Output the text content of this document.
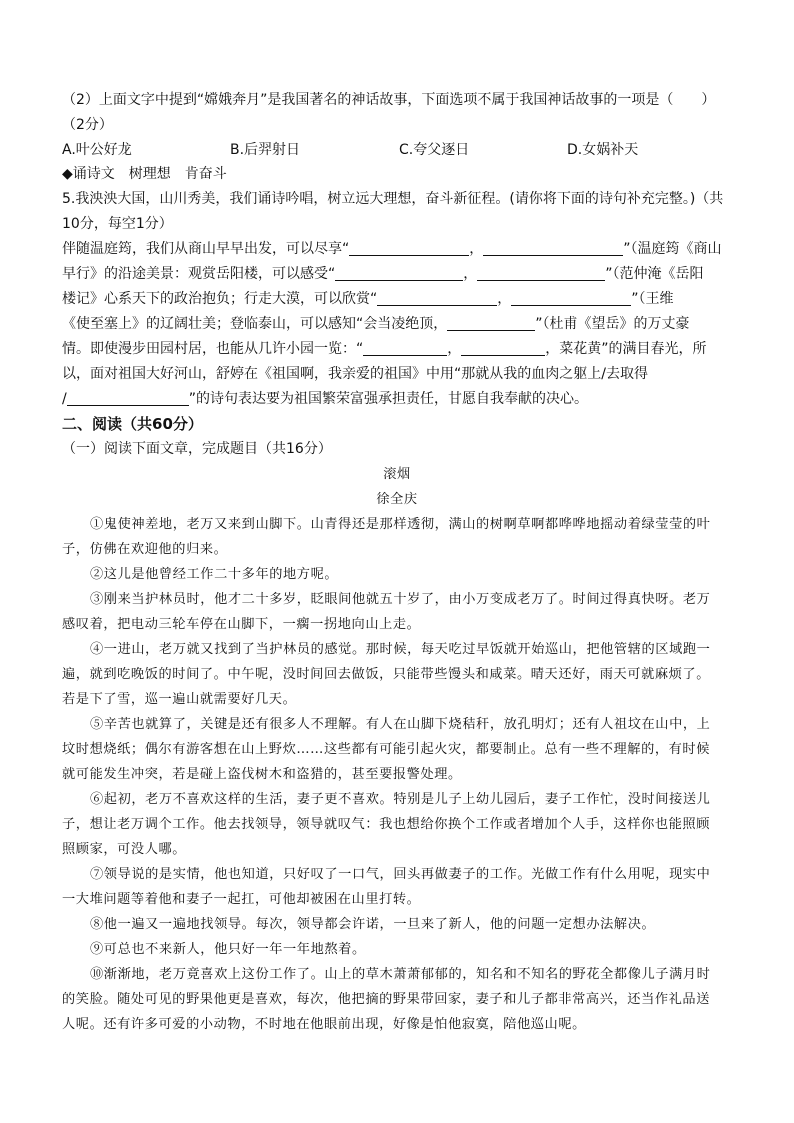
（2）上面文字中提到“嫦娥奔月”是我国著名的神话故事，下面选项不属于我国神话故事的一项是（　　）
（2分）
A.叶公好龙	B.后羿射日	C.夸父逐日	D.女娲补天
◆诵诗文　树理想　肯奋斗
5.我泱泱大国，山川秀美，我们诵诗吟唱，树立远大理想，奋斗新征程。(请你将下面的诗句补充完整。)（共
10分，每空1分）
伴随温庭筠，我们从商山早早出发，可以尽享“	，	”（温庭筠《商山
早行》的沿途美景：观赏岳阳楼，可以感受“	，	”（范仲淹《岳阳
楼记》心系天下的政治抱负；行走大漠，可以欣赏“	，	”（王维
《使至塞上》的辽阔壮美；登临泰山，可以感知“会当凌绝顶，	”（杜甫《望岳》的万丈豪
情。即使漫步田园村居，也能从几许小园一览：“	，	，菜花黄”的满目春光，所
以，面对祖国大好河山，舒婷在《祖国啊，我亲爱的祖国》中用“那就从我的血肉之躯上/去取得
/	”的诗句表达要为祖国繁荣富强承担责任，甘愿自我奉献的决心。
二、阅读（共60分）
（一）阅读下面文章，完成题目（共16分）
滚烟
徐全庆
①鬼使神差地，老万又来到山脚下。山青得还是那样透彻，满山的树啊草啊都哗哗地摇动着绿莹莹的叶
子，仿佛在欢迎他的归来。
②这儿是他曾经工作二十多年的地方呢。
③刚来当护林员时，他才二十多岁，眨眼间他就五十岁了，由小万变成老万了。时间过得真快呀。老万
感叹着，把电动三轮车停在山脚下，一瘸一拐地向山上走。
④一进山，老万就又找到了当护林员的感觉。那时候，每天吃过早饭就开始巡山，把他管辖的区域跑一
遍，就到吃晚饭的时间了。中午呢，没时间回去做饭，只能带些馒头和咸菜。晴天还好，雨天可就麻烦了。
若是下了雪，巡一遍山就需要好几天。
⑤辛苦也就算了，关键是还有很多人不理解。有人在山脚下烧秸秆，放孔明灯；还有人祖坟在山中，上
坟时想烧纸；偶尔有游客想在山上野炊……这些都有可能引起火灾，都要制止。总有一些不理解的，有时候
就可能发生冲突，若是碰上盗伐树木和盗猎的，甚至要报警处理。
⑥起初，老万不喜欢这样的生活，妻子更不喜欢。特别是儿子上幼儿园后，妻子工作忙，没时间接送儿
子，想让老万调个工作。他去找领导，领导就叹气：我也想给你换个工作或者增加个人手，这样你也能照顾
照顾家，可没人哪。
⑦领导说的是实情，他也知道，只好叹了一口气，回头再做妻子的工作。光做工作有什么用呢，现实中
一大堆问题等着他和妻子一起扛，可他却被困在山里打转。
⑧他一遍又一遍地找领导。每次，领导都会许诺，一旦来了新人，他的问题一定想办法解决。
⑨可总也不来新人，他只好一年一年地熬着。
⑩渐渐地，老万竟喜欢上这份工作了。山上的草木萧萧郁郁的，知名和不知名的野花全都像儿子满月时
的笑脸。随处可见的野果他更是喜欢，每次，他把摘的野果带回家，妻子和儿子都非常高兴，还当作礼品送
人呢。还有许多可爱的小动物，不时地在他眼前出现，好像是怕他寂寞，陪他巡山呢。
